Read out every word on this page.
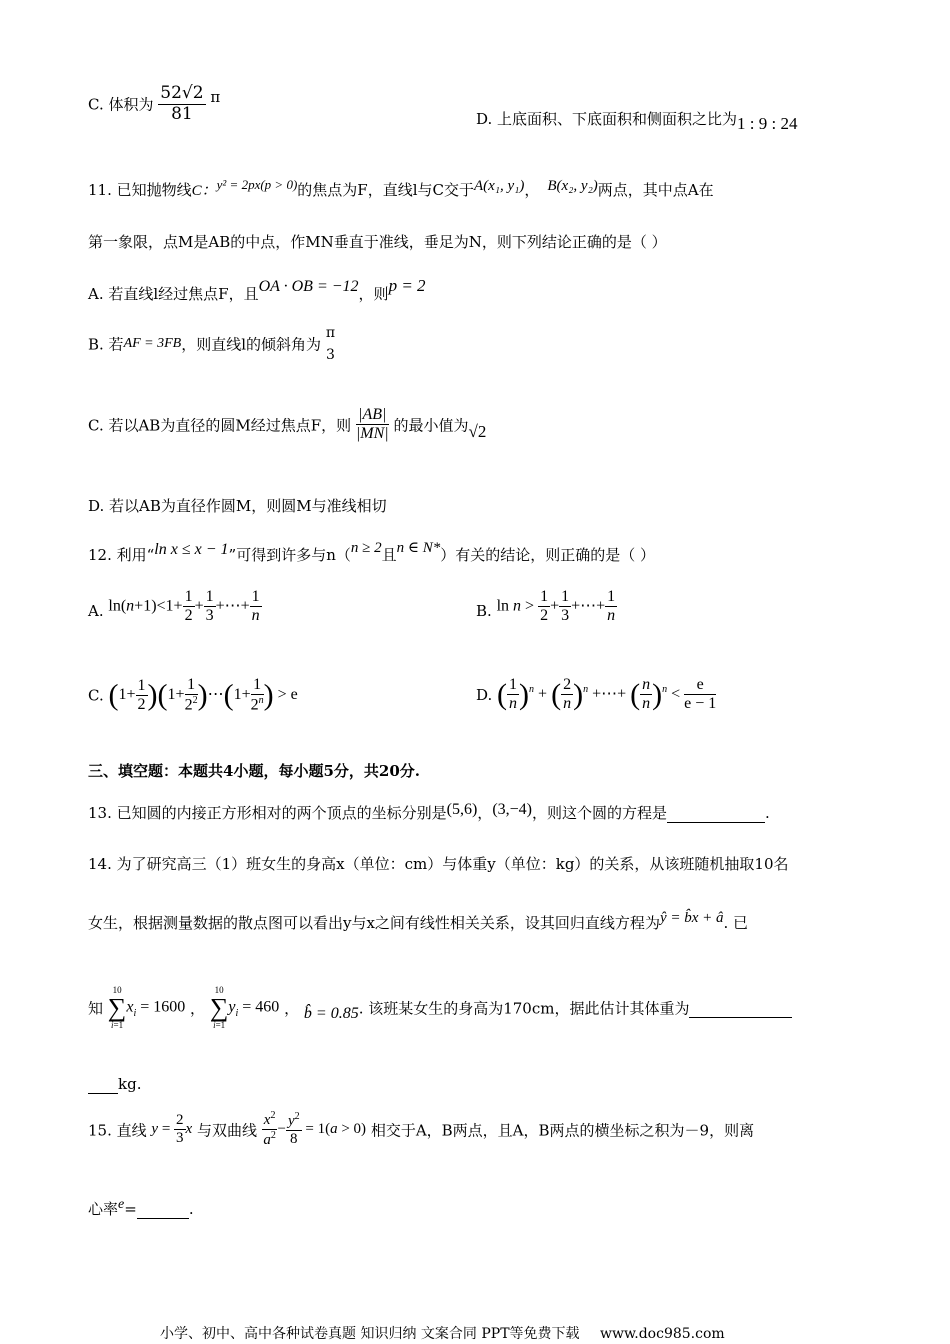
C. 体积为 $\frac{52√2}{81}$ π
D. 上底面积、下底面积和侧面积之比为1 : 9 : 24
11. 已知抛物线C：y² = 2px(p > 0)的焦点为F，直线l与C交于A(x₁, y₁)， B(x₂, y₂)两点，其中点A在
第一象限，点M是AB的中点，作MN垂直于准线，垂足为N，则下列结论正确的是（ ）
A. 若直线l经过焦点F，且OA · OB = −12，则p = 2
B. 若AF = 3FB，则直线l的倾斜角为
π
3
C. 若以AB为直径的圆M经过焦点F，则 $\frac{|AB|}{|MN|}$ 的最小值为√2
D. 若以AB为直径作圆M，则圆M与准线相切
12. 利用“ln x ≤ x − 1”可得到许多与n（n ≥ 2且n ∈ N*）有关的结论，则正确的是（ ）
A. $\ln(n+1)<1+ \frac{1}{2} + \frac{1}{3}$ +⋯+ $\frac{1}{n}$	B. $\ln n > \frac{1}{2} + \frac{1}{3}$ +⋯+ $\frac{1}{n}$
C. $(1+ \frac{1}{2} )(1+ \frac{1}{2^2}$ )⋯(1+ $\frac{1}{2^n}$ ) > e	D. ( $\frac{1}{n} )^n$ + ( $\frac{2}{n} )^n$ +⋯+ ( $\frac{n}{n} )^n < \frac{e}{e - 1}$
三、填空题：本题共4小题，每小题5分，共20分.
13. 已知圆的内接正方形相对的两个顶点的坐标分别是(5,6)，(3,−4)，则这个圆的方程是	.
14. 为了研究高三（1）班女生的身高x（单位：cm）与体重y（单位：kg）的关系，从该班随机抽取10名
女生，根据测量数据的散点图可以看出y与x之间有线性相关关系，设其回归直线方程为ŷ = b̂x + â. 已
知
10
∑
i=1
$x_i = 1600$ ，
10
∑
i=1
$y_i = 460$ ， b̂ = 0.85. 该班某女生的身高为170cm，据此估计其体重为
kg.
15. 直线 $y = \frac{2}{3}$ x 与双曲线 $\frac{x^2}{a^2} - \frac{y^2}{8} = 1(a > 0)$ 相交于A，B两点，且A，B两点的横坐标之积为－9，则离
心率e=	.
小学、初中、高中各种试卷真题 知识归纳 文案合同 PPT等免费下载 www.doc985.com
